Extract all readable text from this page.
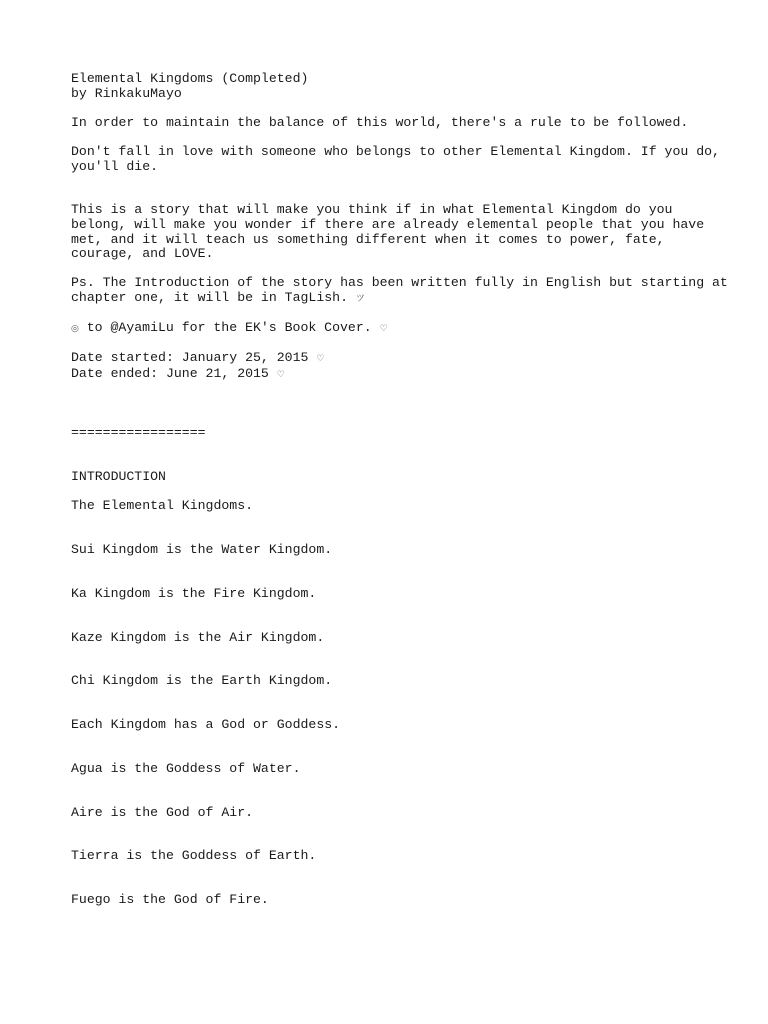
Elemental Kingdoms (Completed)
by RinkakuMayo
In order to maintain the balance of this world, there's a rule to be followed.
Don't fall in love with someone who belongs to other Elemental Kingdom. If you do,
you'll die.
This is a story that will make you think if in what Elemental Kingdom do you
belong, will make you wonder if there are already elemental people that you have
met, and it will teach us something different when it comes to power, fate,
courage, and LOVE.
Ps. The Introduction of the story has been written fully in English but starting at
chapter one, it will be in TagLish. ツ
◎ to @AyamiLu for the EK's Book Cover. ♡
Date started: January 25, 2015 ♡
Date ended: June 21, 2015 ♡
=================
INTRODUCTION
The Elemental Kingdoms.
Sui Kingdom is the Water Kingdom.
Ka Kingdom is the Fire Kingdom.
Kaze Kingdom is the Air Kingdom.
Chi Kingdom is the Earth Kingdom.
Each Kingdom has a God or Goddess.
Agua is the Goddess of Water.
Aire is the God of Air.
Tierra is the Goddess of Earth.
Fuego is the God of Fire.
